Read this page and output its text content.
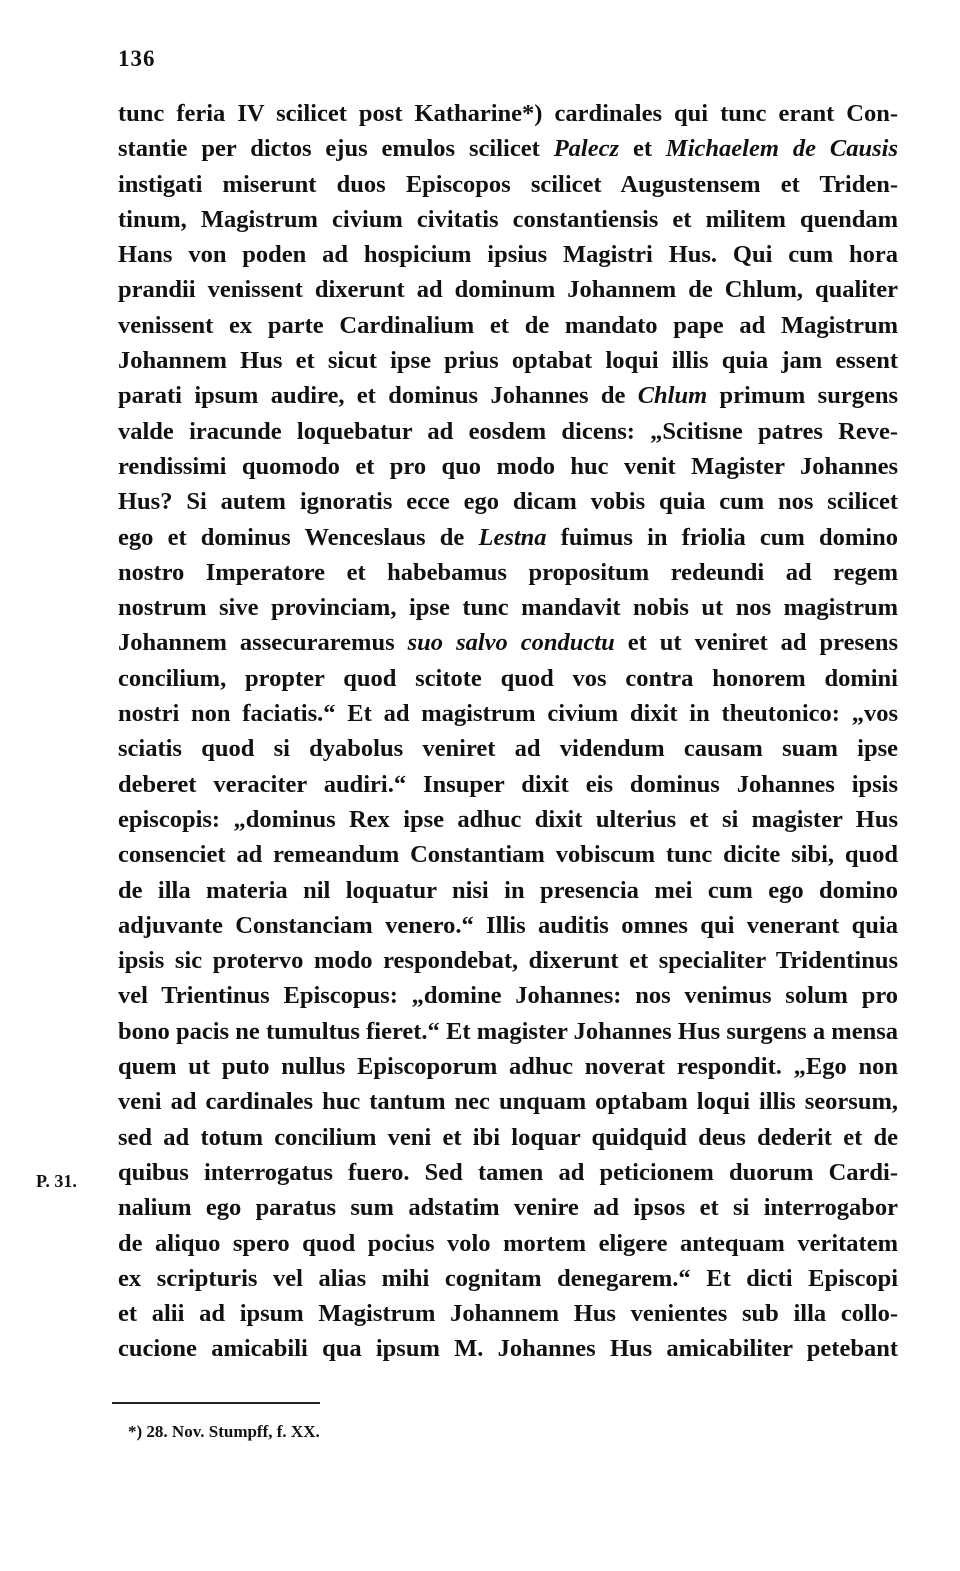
136
tunc feria IV scilicet post Katharine*) cardinales qui tunc erant Con-
stantie per dictos ejus emulos scilicet Palecz et Michaelem de Causis
instigati miserunt duos Episcopos scilicet Augustensem et Triden-
tinum, Magistrum civium civitatis constantiensis et militem quendam
Hans von poden ad hospicium ipsius Magistri Hus. Qui cum hora
prandii venissent dixerunt ad dominum Johannem de Chlum, qualiter
venissent ex parte Cardinalium et de mandato pape ad Magistrum
Johannem Hus et sicut ipse prius optabat loqui illis quia jam essent
parati ipsum audire, et dominus Johannes de Chlum primum surgens
valde iracunde loquebatur ad eosdem dicens: „Scitisne patres Reve-
rendissimi quomodo et pro quo modo huc venit Magister Johannes
Hus? Si autem ignoratis ecce ego dicam vobis quia cum nos scilicet
ego et dominus Wenceslaus de Lestna fuimus in friolia cum domino
nostro Imperatore et habebamus propositum redeundi ad regem
nostrum sive provinciam, ipse tunc mandavit nobis ut nos magistrum
Johannem assecuraremus suo salvo conductu et ut veniret ad presens
concilium, propter quod scitote quod vos contra honorem domini
nostri non faciatis.“ Et ad magistrum civium dixit in theutonico: „vos
sciatis quod si dyabolus veniret ad videndum causam suam ipse
deberet veraciter audiri.“ Insuper dixit eis dominus Johannes ipsis
episcopis: „dominus Rex ipse adhuc dixit ulterius et si magister Hus
consenciet ad remeandum Constantiam vobiscum tunc dicite sibi, quod
de illa materia nil loquatur nisi in presencia mei cum ego domino
adjuvante Constanciam venero.“ Illis auditis omnes qui venerant quia
ipsis sic protervo modo respondebat, dixerunt et specialiter Tridentinus
vel Trientinus Episcopus: „domine Johannes: nos venimus solum pro
bono pacis ne tumultus fieret.“ Et magister Johannes Hus surgens a mensa
quem ut puto nullus Episcoporum adhuc noverat respondit. „Ego non
veni ad cardinales huc tantum nec unquam optabam loqui illis seorsum,
sed ad totum concilium veni et ibi loquar quidquid deus dederit et de
quibus interrogatus fuero. Sed tamen ad peticionem duorum Cardi-
nalium ego paratus sum adstatim venire ad ipsos et si interrogabor
de aliquo spero quod pocius volo mortem eligere antequam veritatem
ex scripturis vel alias mihi cognitam denegarem.“ Et dicti Episcopi
et alii ad ipsum Magistrum Johannem Hus venientes sub illa collo-
cucione amicabili qua ipsum M. Johannes Hus amicabiliter petebant
P. 31.
*) 28. Nov. Stumpff, f. XX.
